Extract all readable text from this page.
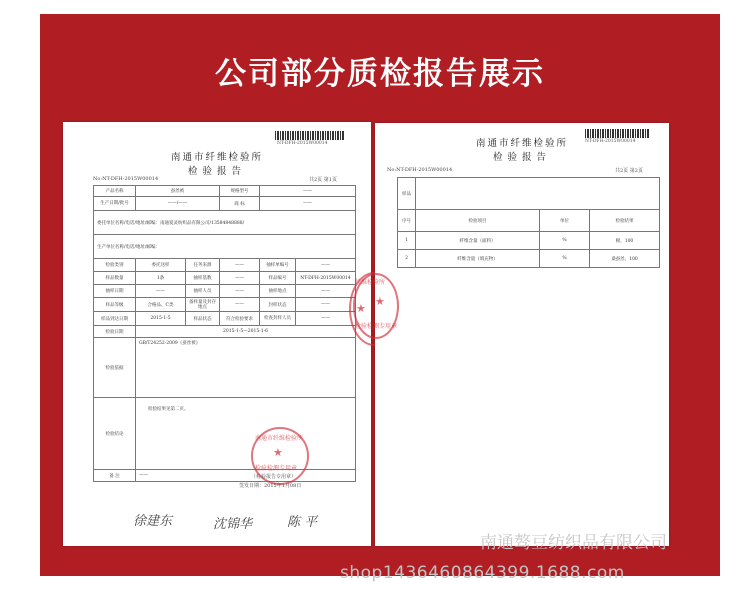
公司部分质检报告展示
NT-DFH-2015W00014
南通市纤维检验所
检验报告
No:NT-DFH-2015W00014	共2页 第1页
产品名称	蚕丝被		规格型号	——	
生产日期/批号	——/——		商 标	——	
委托单位名称/电话/地址/邮编：南通爱灵纺织品有限公司/13584848888/					
生产单位名称/电话/地址/邮编：					
检验类别	委托送样	任务来源	——	抽样单编号	——
样品数量	1条	抽样基数	——	样品编号	NT-DFH-2015W00014
抽样日期	——	抽样人员	——	抽样地点	——
样品等级	合格品、C类	备样量及封存地点	——	封样状态	——
样品到达日期	2015-1-5	样品状态	符合检验要求	检查封样人员	——
检验日期	2015-1-5—2015-1-6				
检验依据	GB/T24252-2009《蚕丝被》				
检验结论	检验结果见第二页。				
备 注	——				
★
南通市纤维检验所
检验检测专用章
（检验报告专用章）
签发日期：2015年1月08日
徐建东	沈锦华	陈 平
★
NT-DFH-2015W00014
南通市纤维检验所
检验报告
No:NT-DFH-2015W00014	共2页 第2页
样品	
序号	检验项目	单位	检验结果
1	纤维含量（面料）	%	棉，100
2	纤维含量（填充物）	%	桑蚕丝，100
★
纤维检验所
检验检测专用章
南通骜豆纺织品有限公司
shop1436460864399.1688.com
